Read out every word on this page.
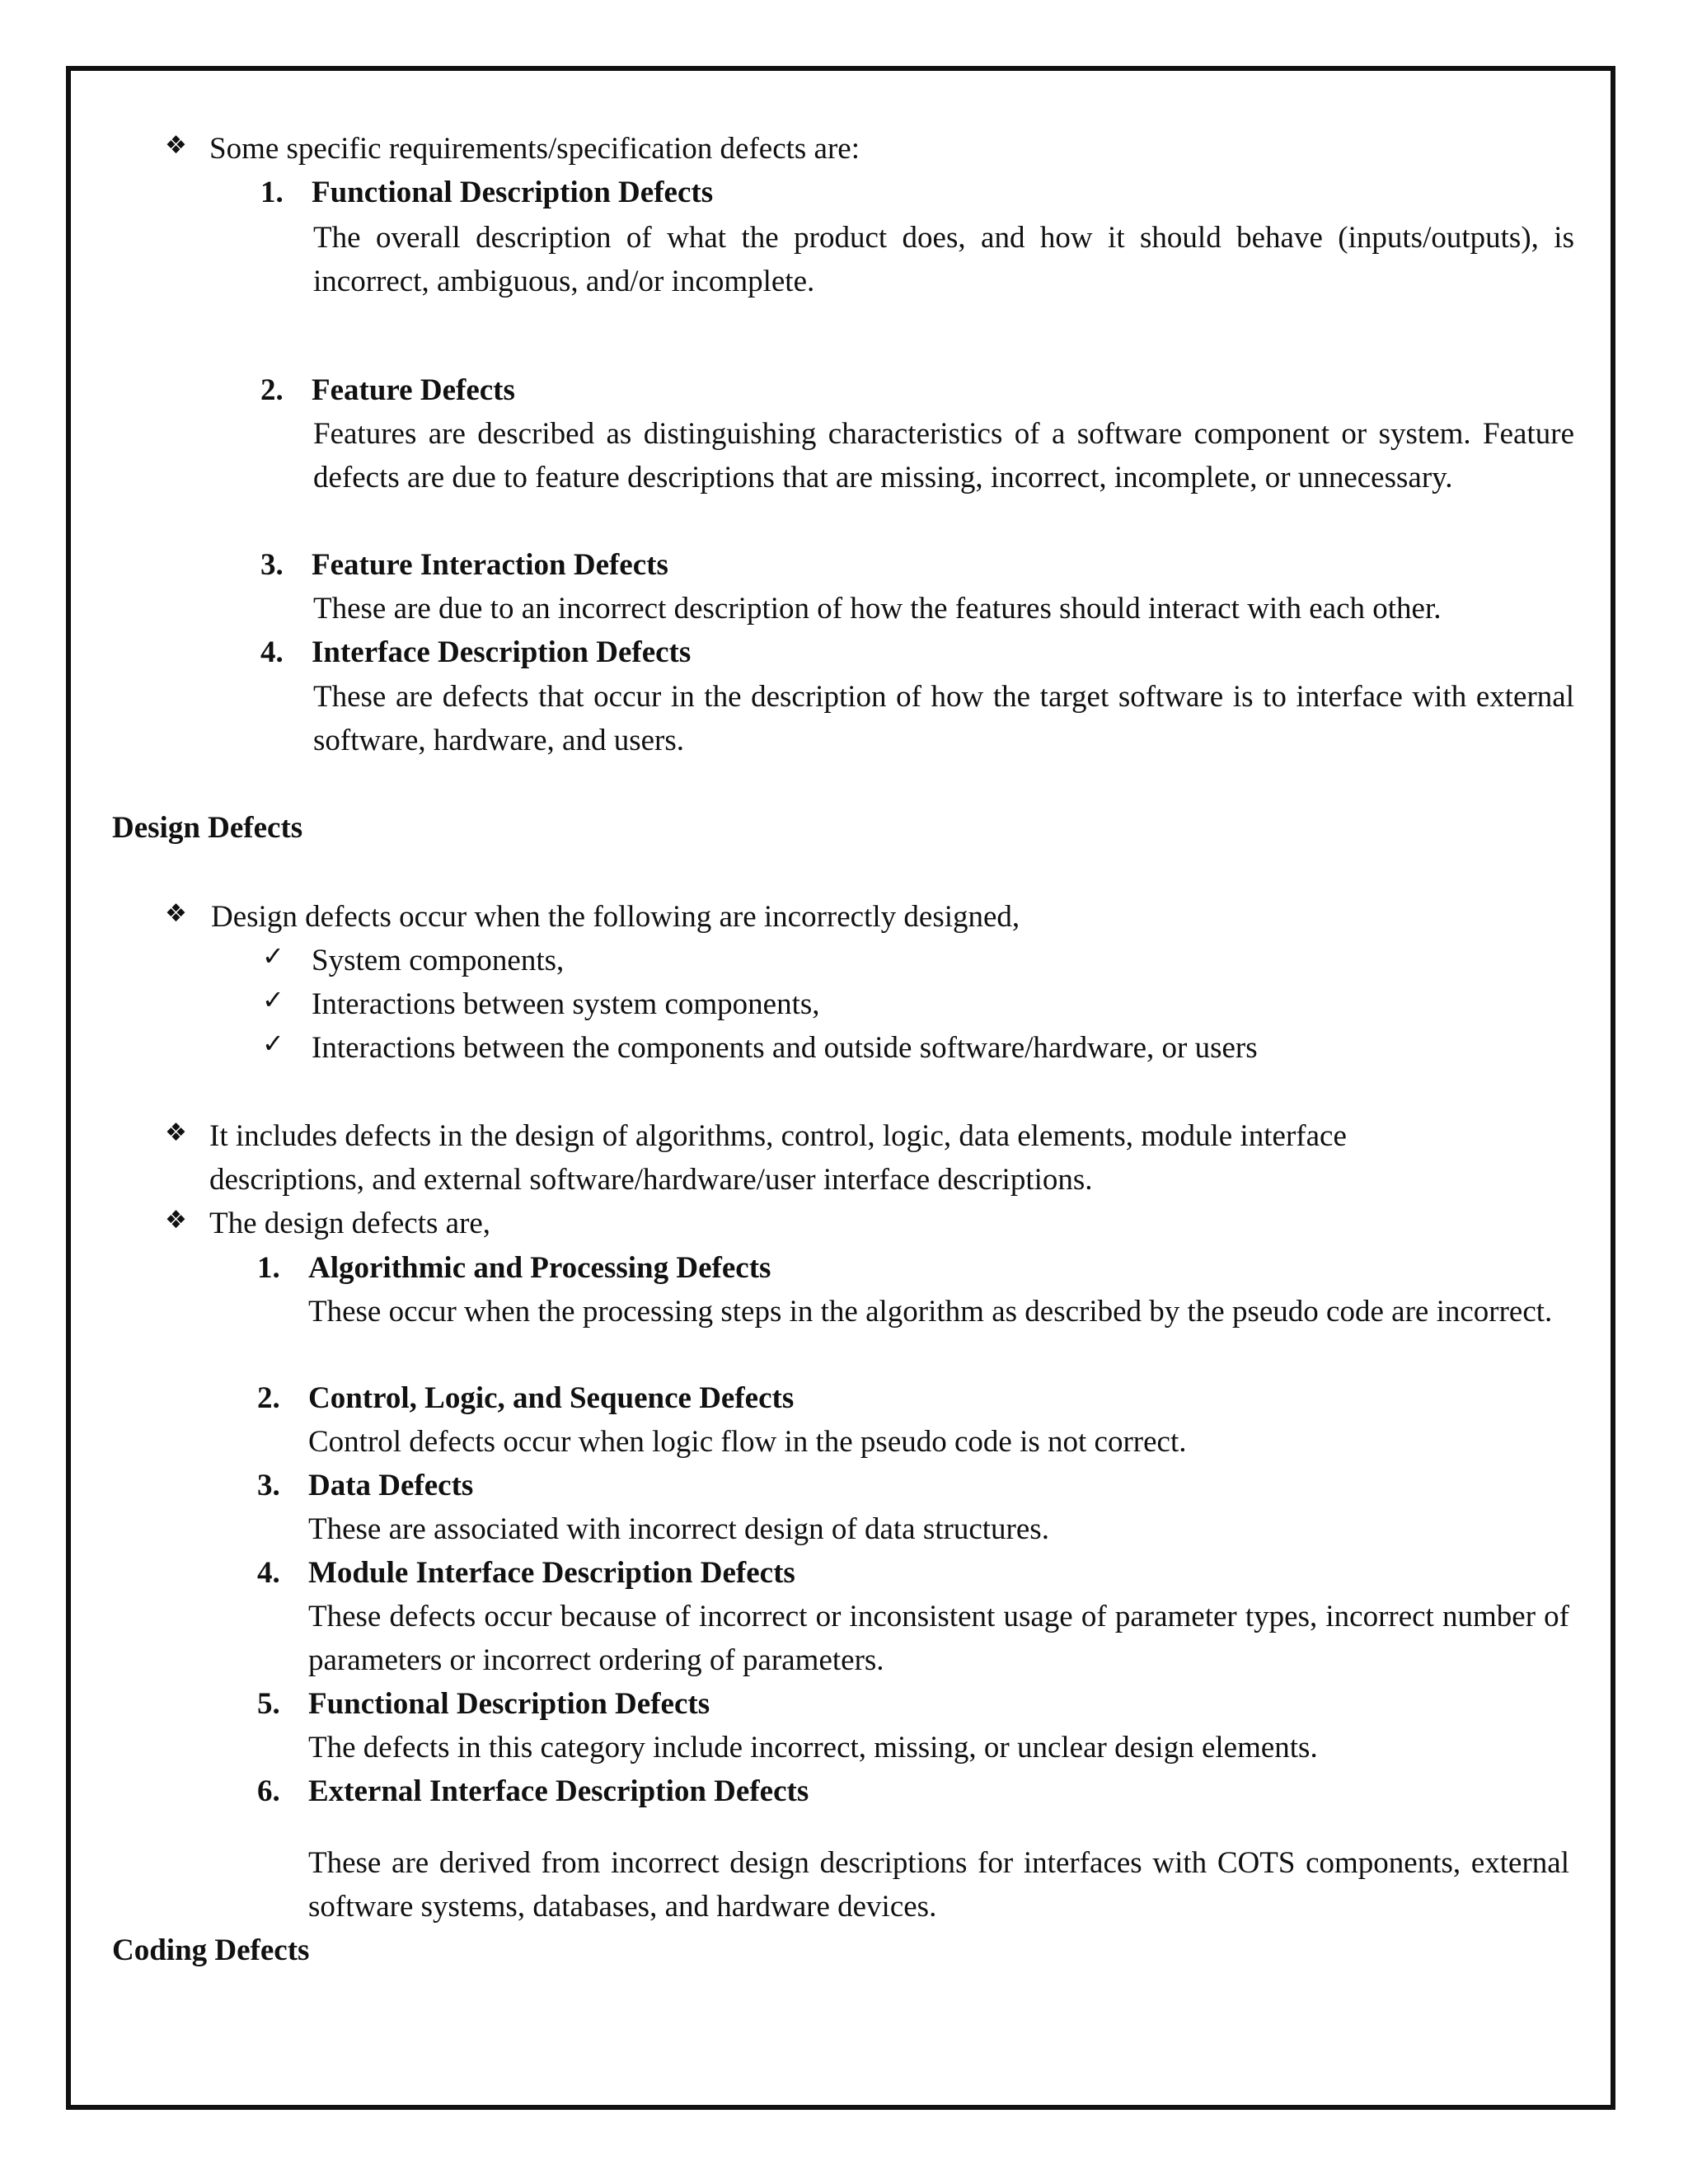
❖ Some specific requirements/specification defects are:
1. Functional Description Defects
The overall description of what the product does, and how it should behave (inputs/outputs), is incorrect, ambiguous, and/or incomplete.
2. Feature Defects
Features are described as distinguishing characteristics of a software component or system. Feature defects are due to feature descriptions that are missing, incorrect, incomplete, or unnecessary.
3. Feature Interaction Defects
These are due to an incorrect description of how the features should interact with each other.
4. Interface Description Defects
These are defects that occur in the description of how the target software is to interface with external software, hardware, and users.
Design Defects
❖ Design defects occur when the following are incorrectly designed,
✓ System components,
✓ Interactions between system components,
✓ Interactions between the components and outside software/hardware, or users
❖ It includes defects in the design of algorithms, control, logic, data elements, module interface
descriptions, and external software/hardware/user interface descriptions.
❖ The design defects are,
1. Algorithmic and Processing Defects
These occur when the processing steps in the algorithm as described by the pseudo code are incorrect.
2. Control, Logic, and Sequence Defects
Control defects occur when logic flow in the pseudo code is not correct.
3. Data Defects
These are associated with incorrect design of data structures.
4. Module Interface Description Defects
These defects occur because of incorrect or inconsistent usage of parameter types, incorrect number of parameters or incorrect ordering of parameters.
5. Functional Description Defects
The defects in this category include incorrect, missing, or unclear design elements.
6. External Interface Description Defects
These are derived from incorrect design descriptions for interfaces with COTS components, external software systems, databases, and hardware devices.
Coding Defects
